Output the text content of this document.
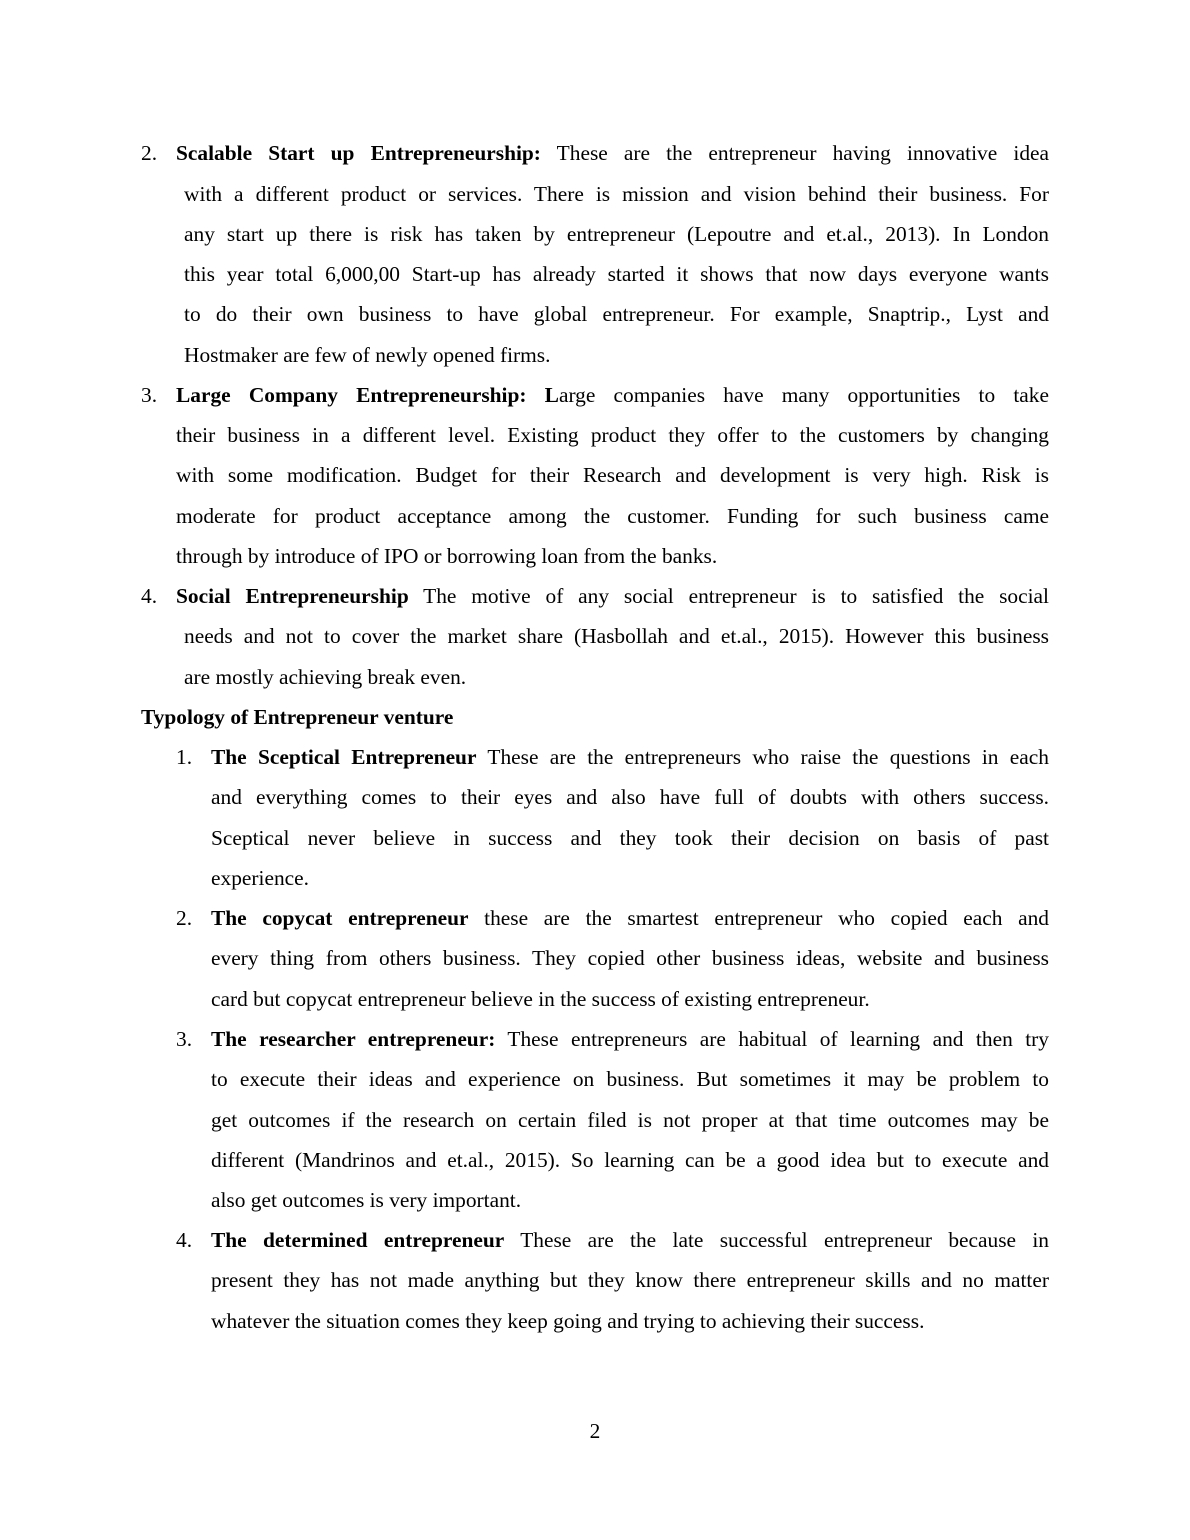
2. Scalable Start up Entrepreneurship: These are the entrepreneur having innovative idea
with a different product or services. There is mission and vision behind their business. For
any start up there is risk has taken by entrepreneur (Lepoutre and et.al., 2013). In London
this year total 6,000,00 Start-up has already started it shows that now days everyone wants
to do their own business to have global entrepreneur. For example, Snaptrip., Lyst and
Hostmaker are few of newly opened firms.
3. Large Company Entrepreneurship: Large companies have many opportunities to take
their business in a different level. Existing product they offer to the customers by changing
with some modification. Budget for their Research and development is very high. Risk is
moderate for product acceptance among the customer. Funding for such business came
through by introduce of IPO or borrowing loan from the banks.
4. Social Entrepreneurship The motive of any social entrepreneur is to satisfied the social
needs and not to cover the market share (Hasbollah and et.al., 2015). However this business
are mostly achieving break even.
Typology of Entrepreneur venture
1. The Sceptical Entrepreneur These are the entrepreneurs who raise the questions in each
and everything comes to their eyes and also have full of doubts with others success.
Sceptical never believe in success and they took their decision on basis of past
experience.
2. The copycat entrepreneur these are the smartest entrepreneur who copied each and
every thing from others business. They copied other business ideas, website and business
card but copycat entrepreneur believe in the success of existing entrepreneur.
3. The researcher entrepreneur: These entrepreneurs are habitual of learning and then try
to execute their ideas and experience on business. But sometimes it may be problem to
get outcomes if the research on certain filed is not proper at that time outcomes may be
different (Mandrinos and et.al., 2015). So learning can be a good idea but to execute and
also get outcomes is very important.
4. The determined entrepreneur These are the late successful entrepreneur because in
present they has not made anything but they know there entrepreneur skills and no matter
whatever the situation comes they keep going and trying to achieving their success.
2
